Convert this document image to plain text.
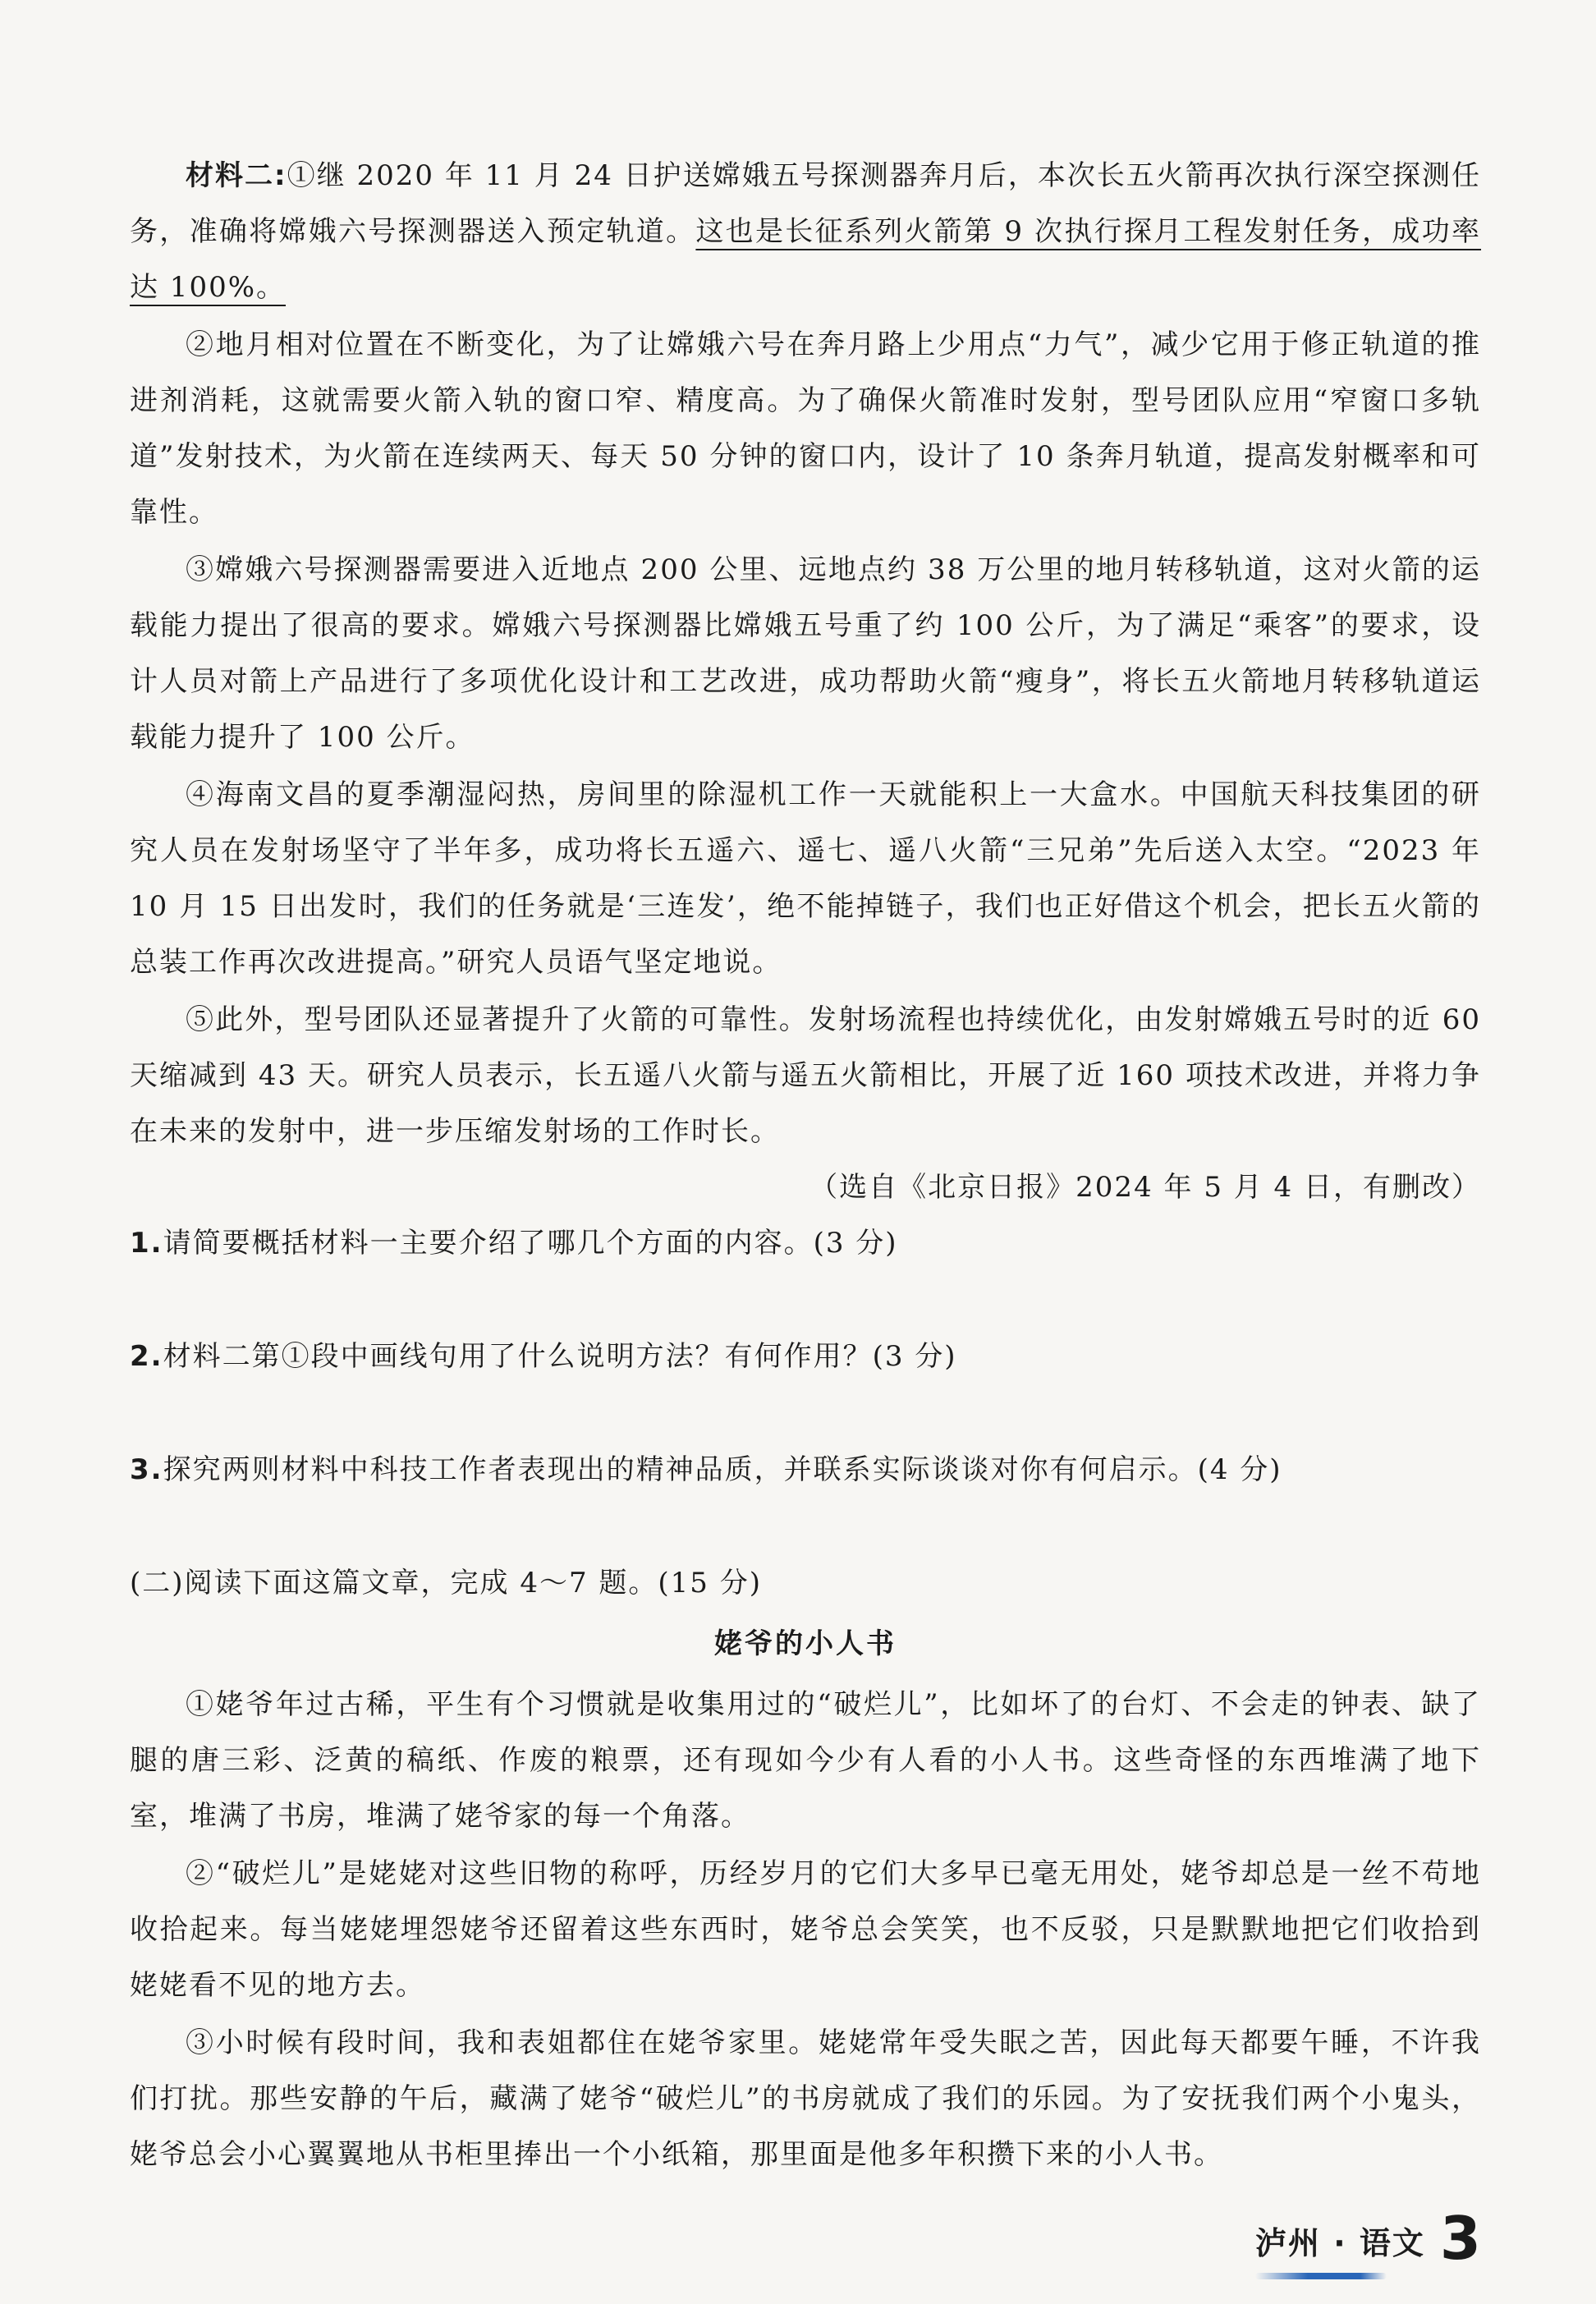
材料二:①继 2020 年 11 月 24 日护送嫦娥五号探测器奔月后，本次长五火箭再次执行深空探测任务，准确将嫦娥六号探测器送入预定轨道。这也是长征系列火箭第 9 次执行探月工程发射任务，成功率达 100%。

②地月相对位置在不断变化，为了让嫦娥六号在奔月路上少用点“力气”，减少它用于修正轨道的推进剂消耗，这就需要火箭入轨的窗口窄、精度高。为了确保火箭准时发射，型号团队应用“窄窗口多轨道”发射技术，为火箭在连续两天、每天 50 分钟的窗口内，设计了 10 条奔月轨道，提高发射概率和可靠性。

③嫦娥六号探测器需要进入近地点 200 公里、远地点约 38 万公里的地月转移轨道，这对火箭的运载能力提出了很高的要求。嫦娥六号探测器比嫦娥五号重了约 100 公斤，为了满足“乘客”的要求，设计人员对箭上产品进行了多项优化设计和工艺改进，成功帮助火箭“瘦身”，将长五火箭地月转移轨道运载能力提升了 100 公斤。

④海南文昌的夏季潮湿闷热，房间里的除湿机工作一天就能积上一大盒水。中国航天科技集团的研究人员在发射场坚守了半年多，成功将长五遥六、遥七、遥八火箭“三兄弟”先后送入太空。“2023 年 10 月 15 日出发时，我们的任务就是‘三连发’，绝不能掉链子，我们也正好借这个机会，把长五火箭的总装工作再次改进提高。”研究人员语气坚定地说。

⑤此外，型号团队还显著提升了火箭的可靠性。发射场流程也持续优化，由发射嫦娥五号时的近 60 天缩减到 43 天。研究人员表示，长五遥八火箭与遥五火箭相比，开展了近 160 项技术改进，并将力争在未来的发射中，进一步压缩发射场的工作时长。

（选自《北京日报》2024 年 5 月 4 日，有删改）

1.请简要概括材料一主要介绍了哪几个方面的内容。(3 分)

2.材料二第①段中画线句用了什么说明方法？有何作用？(3 分)

3.探究两则材料中科技工作者表现出的精神品质，并联系实际谈谈对你有何启示。(4 分)

(二)阅读下面这篇文章，完成 4～7 题。(15 分)

姥爷的小人书

①姥爷年过古稀，平生有个习惯就是收集用过的“破烂儿”，比如坏了的台灯、不会走的钟表、缺了腿的唐三彩、泛黄的稿纸、作废的粮票，还有现如今少有人看的小人书。这些奇怪的东西堆满了地下室，堆满了书房，堆满了姥爷家的每一个角落。

②“破烂儿”是姥姥对这些旧物的称呼，历经岁月的它们大多早已毫无用处，姥爷却总是一丝不苟地收拾起来。每当姥姥埋怨姥爷还留着这些东西时，姥爷总会笑笑，也不反驳，只是默默地把它们收拾到姥姥看不见的地方去。

③小时候有段时间，我和表姐都住在姥爷家里。姥姥常年受失眠之苦，因此每天都要午睡，不许我们打扰。那些安静的午后，藏满了姥爷“破烂儿”的书房就成了我们的乐园。为了安抚我们两个小鬼头，姥爷总会小心翼翼地从书柜里捧出一个小纸箱，那里面是他多年积攒下来的小人书。

泸州 · 语文 3
